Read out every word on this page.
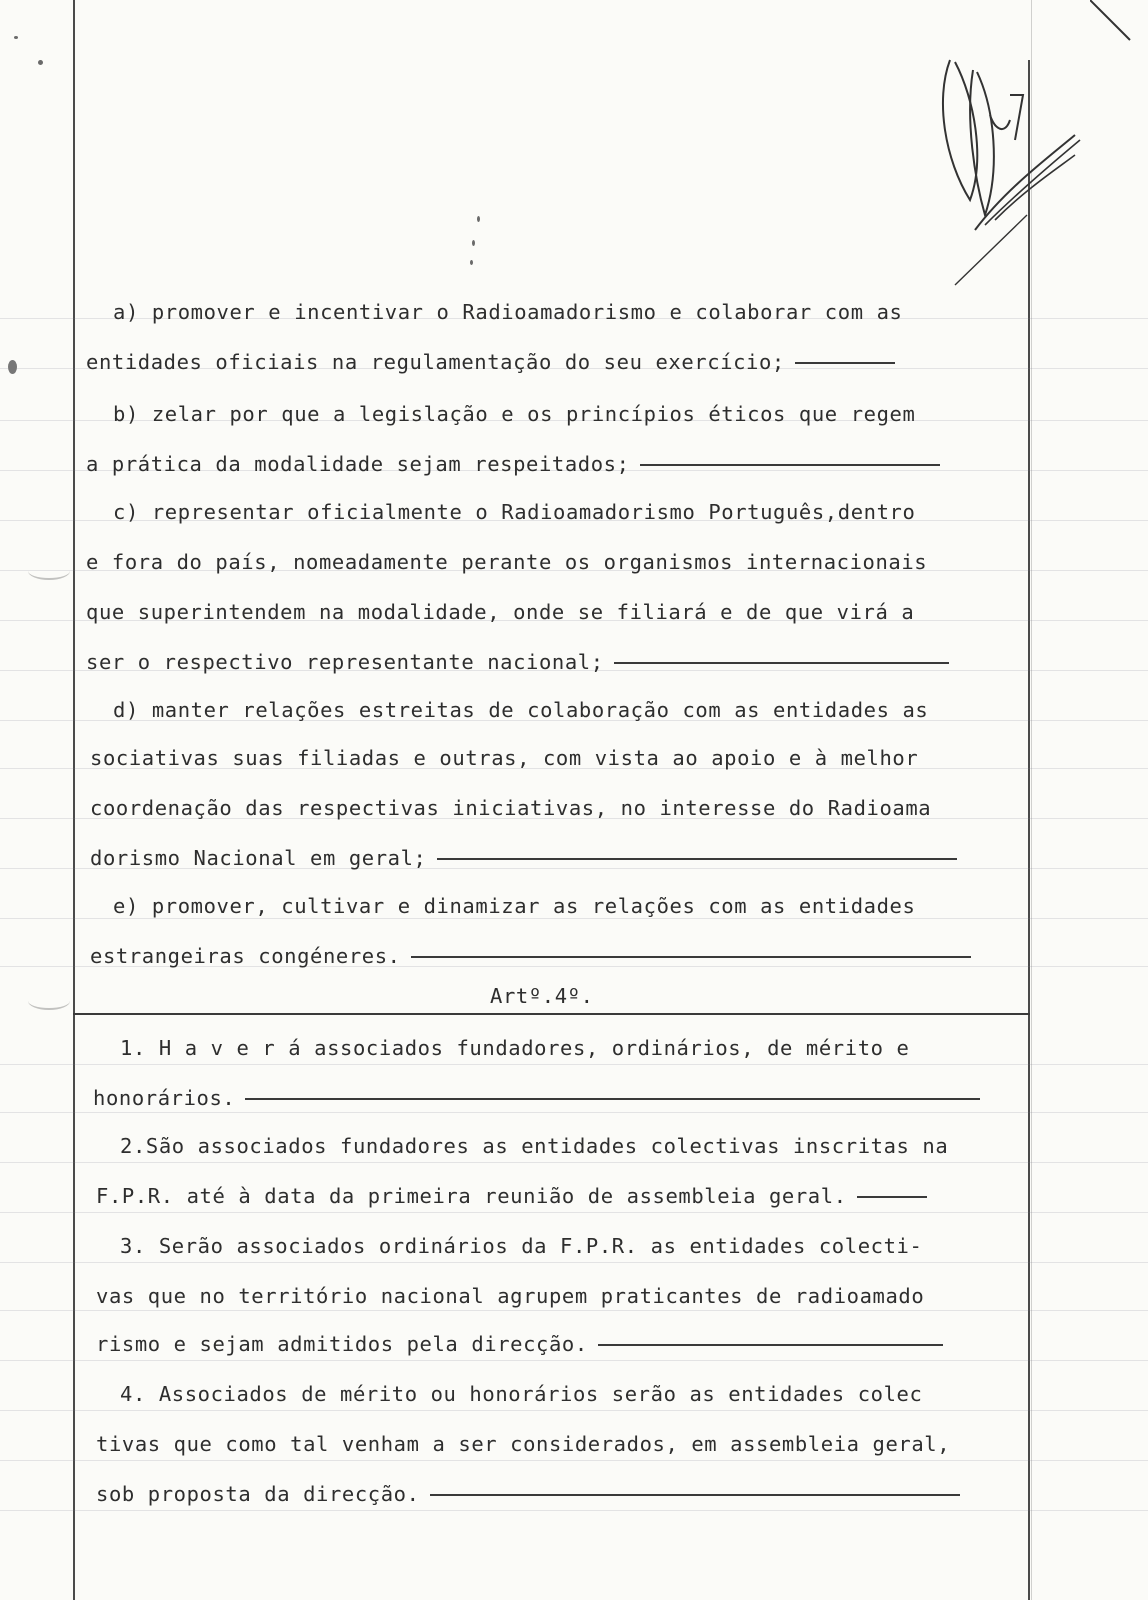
a) promover e incentivar o Radioamadorismo e colaborar com as
entidades oficiais na regulamentação do seu exercício;
b) zelar por que a legislação e os princípios éticos que regem
a prática da modalidade sejam respeitados;
c) representar oficialmente o Radioamadorismo Português,dentro
e fora do país, nomeadamente perante os organismos internacionais
que superintendem na modalidade, onde se filiará e de que virá a
ser o respectivo representante nacional;
d) manter relações estreitas de colaboração com as entidades as
sociativas suas filiadas e outras, com vista ao apoio e à melhor
coordenação das respectivas iniciativas, no interesse do Radioama
dorismo Nacional em geral;
e) promover, cultivar e dinamizar as relações com as entidades
estrangeiras congéneres.
Artº.4º.
1. H a v e r á associados fundadores, ordinários, de mérito e
honorários.
2.São associados fundadores as entidades colectivas inscritas na
F.P.R. até à data da primeira reunião de assembleia geral.
3. Serão associados ordinários da F.P.R. as entidades colecti-
vas que no território nacional agrupem praticantes de radioamado
rismo e sejam admitidos pela direcção.
4. Associados de mérito ou honorários serão as entidades colec
tivas que como tal venham a ser considerados, em assembleia geral,
sob proposta da direcção.
